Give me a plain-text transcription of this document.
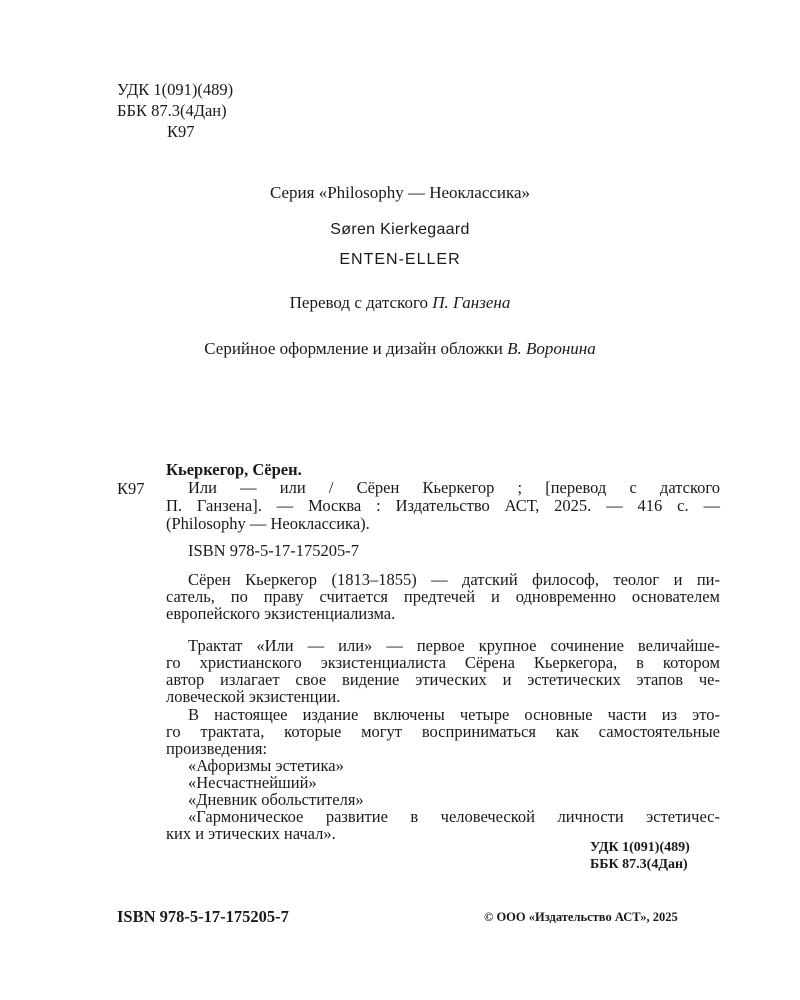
УДК 1(091)(489)
ББК 87.3(4Дан)
К97
Серия «Philosophy — Неоклассика»
Søren Kierkegaard
ENTEN-ELLER
Перевод с датского П. Ганзена
Серийное оформление и дизайн обложки В. Воронина
Кьеркегор, Сёрен.
К97	Или — или / Сёрен Кьеркегор ; [перевод с датского
П. Ганзена]. — Москва : Издательство АСТ, 2025. — 416 с. —
(Philosophy — Неоклассика).
ISBN 978-5-17-175205-7
Сёрен Кьеркегор (1813–1855) — датский философ, теолог и пи-
сатель, по праву считается предтечей и одновременно основателем
европейского экзистенциализма.
Трактат «Или — или» — первое крупное сочинение величайше-
го христианского экзистенциалиста Сёрена Кьеркегора, в котором
автор излагает свое видение этических и эстетических этапов че-
ловеческой экзистенции.
В настоящее издание включены четыре основные части из это-
го трактата, которые могут восприниматься как самостоятельные
произведения:
«Афоризмы эстетика»
«Несчастнейший»
«Дневник обольстителя»
«Гармоническое развитие в человеческой личности эстетичес-
ких и этических начал».
УДК 1(091)(489)
ББК 87.3(4Дан)
ISBN 978-5-17-175205-7	© ООО «Издательство АСТ», 2025
